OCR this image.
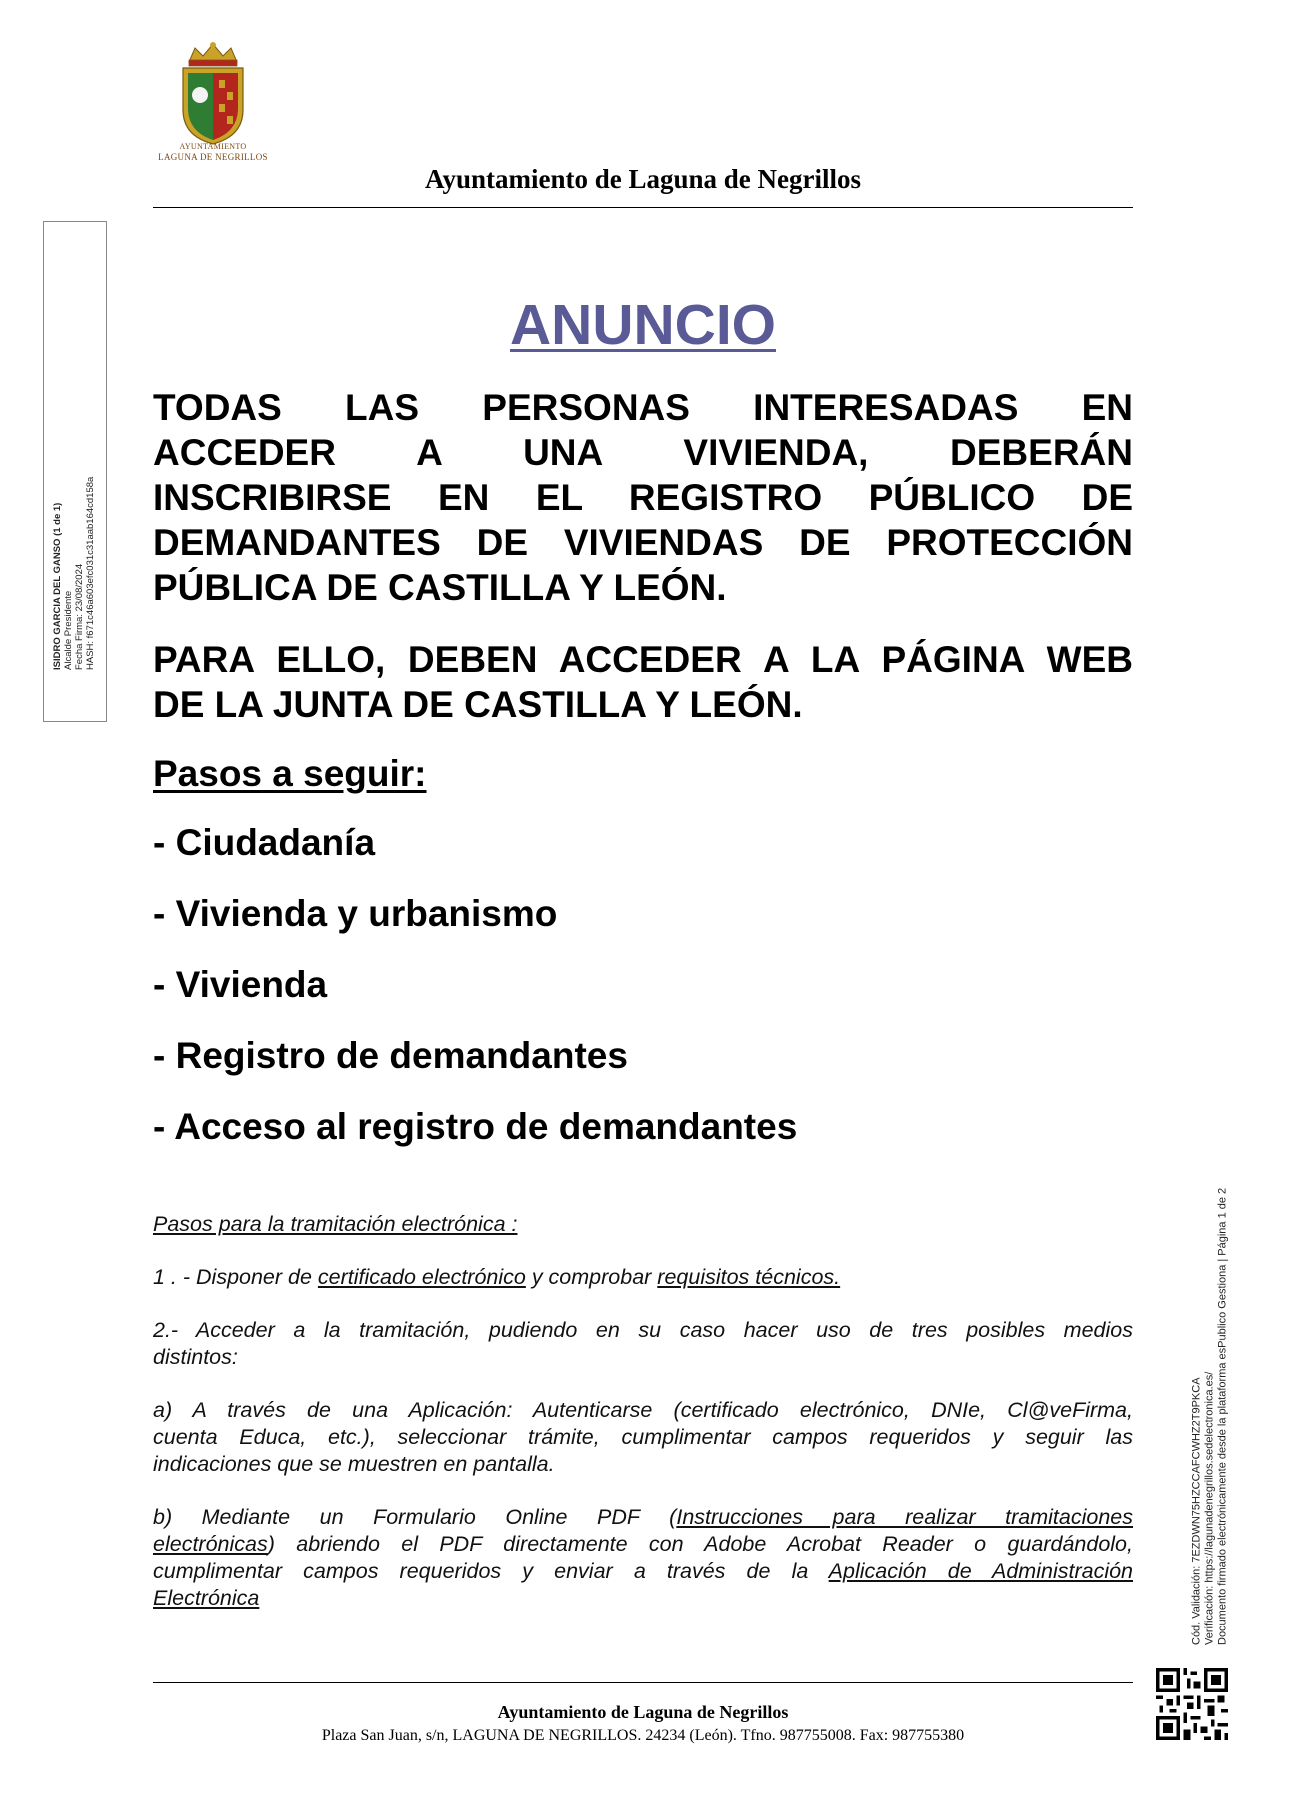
AYUNTAMIENTO
LAGUNA DE NEGRILLOS
Ayuntamiento de Laguna de Negrillos
ISIDRO GARCIA DEL GANSO (1 de 1) Alcalde Presidente Fecha Firma: 23/08/2024 HASH: f671c46a603efc031c31aab164cd158a
Cód. Validación: 7EZDWN75HZCCAFCWHZ2T9PKCA Verificación: https://lagunadenegrillos.sedelectronica.es/ Documento firmado electrónicamente desde la plataforma esPublico Gestiona | Página 1 de 2
ANUNCIO
TODAS LAS PERSONAS INTERESADAS EN
ACCEDER A UNA VIVIENDA, DEBERÁN
INSCRIBIRSE EN EL REGISTRO PÚBLICO DE
DEMANDANTES DE VIVIENDAS DE PROTECCIÓN
PÚBLICA DE CASTILLA Y LEÓN.
PARA ELLO, DEBEN ACCEDER A LA PÁGINA WEB
DE LA JUNTA DE CASTILLA Y LEÓN.
Pasos a seguir:
- Ciudadanía
- Vivienda y urbanismo
- Vivienda
- Registro de demandantes
- Acceso al registro de demandantes
Pasos para la tramitación electrónica :
1 . - Disponer de certificado electrónico y comprobar requisitos técnicos.
2.- Acceder a la tramitación, pudiendo en su caso hacer uso de tres posibles medios
distintos:
a) A través de una Aplicación: Autenticarse (certificado electrónico, DNIe, Cl@veFirma,
cuenta Educa, etc.), seleccionar trámite, cumplimentar campos requeridos y seguir las
indicaciones que se muestren en pantalla.
b) Mediante un Formulario Online PDF (Instrucciones para realizar tramitaciones
electrónicas) abriendo el PDF directamente con Adobe Acrobat Reader o guardándolo,
cumplimentar campos requeridos y enviar a través de la Aplicación de Administración
Electrónica
Ayuntamiento de Laguna de Negrillos
Plaza San Juan, s/n, LAGUNA DE NEGRILLOS. 24234 (León). Tfno. 987755008. Fax: 987755380
